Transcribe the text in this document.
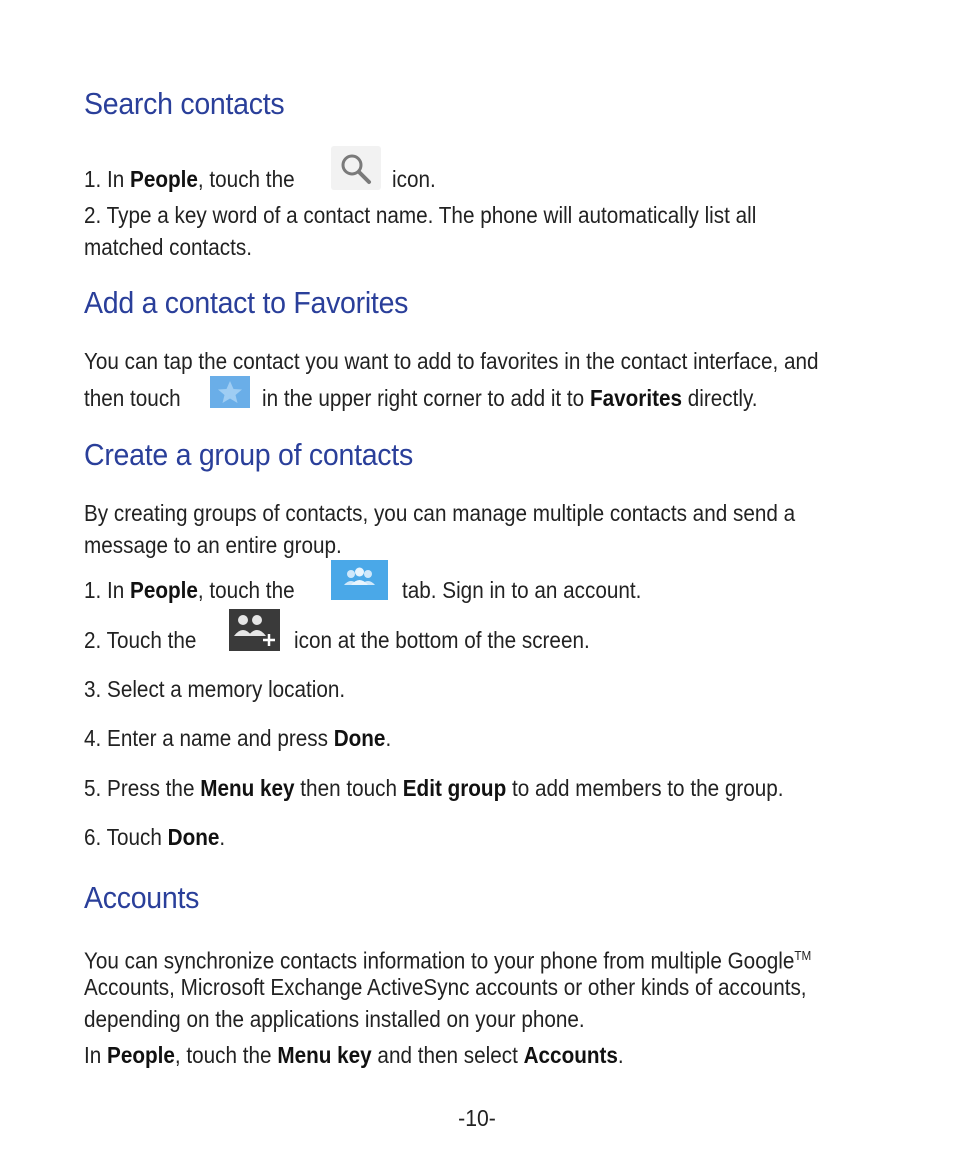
Search contacts

1. In People, touch the	icon.

2. Type a key word of a contact name. The phone will automatically list all

matched contacts.

Add a contact to Favorites

You can tap the contact you want to add to favorites in the contact interface, and

then touch	in the upper right corner to add it to Favorites directly.

Create a group of contacts

By creating groups of contacts, you can manage multiple contacts and send a

message to an entire group.

1. In People, touch the	tab. Sign in to an account.

2. Touch the	icon at the bottom of the screen.

3. Select a memory location.

4. Enter a name and press Done.

5. Press the Menu key then touch Edit group to add members to the group.

6. Touch Done.

Accounts

You can synchronize contacts information to your phone from multiple Google™

Accounts, Microsoft Exchange ActiveSync accounts or other kinds of accounts,

depending on the applications installed on your phone.

In People, touch the Menu key and then select Accounts.

-10-
